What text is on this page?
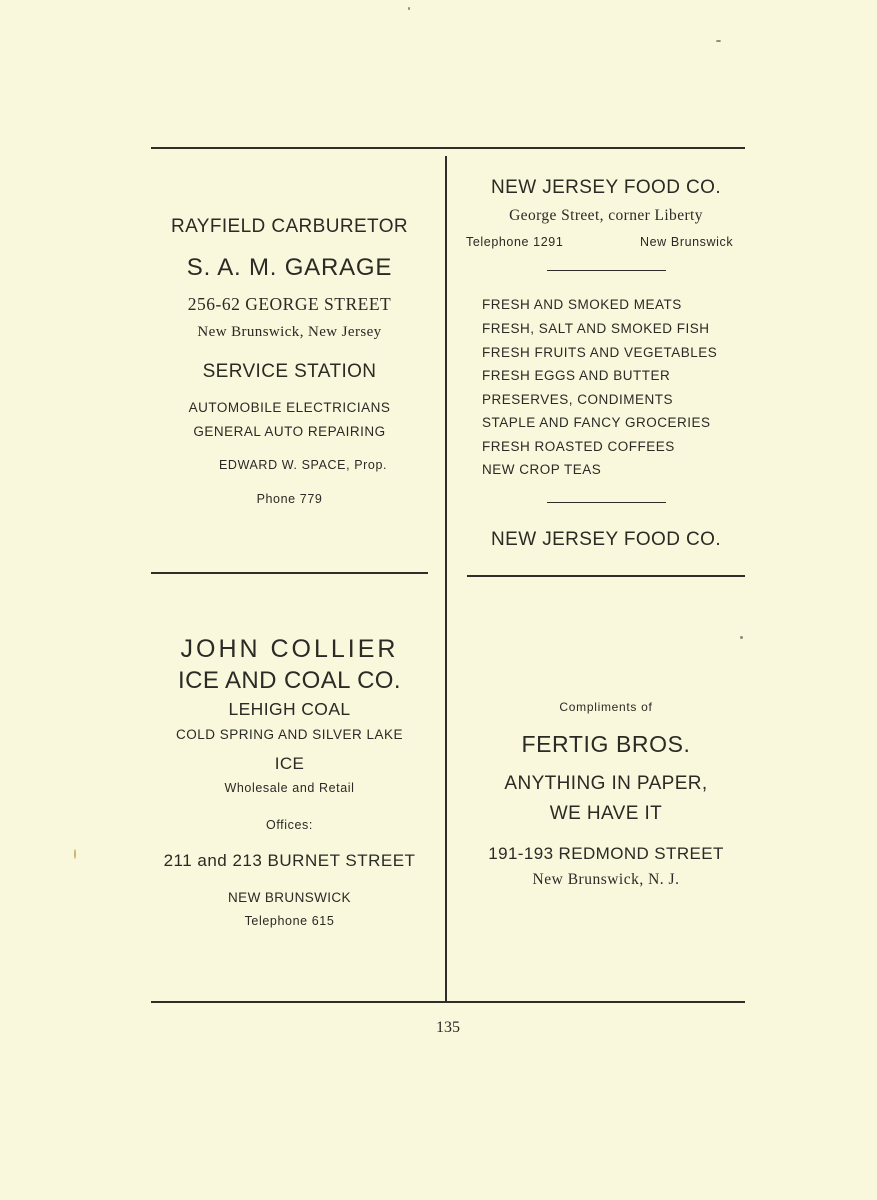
RAYFIELD CARBURETOR
S. A. M. GARAGE
256-62 GEORGE STREET
New Brunswick, New Jersey
SERVICE STATION
AUTOMOBILE ELECTRICIANS
GENERAL AUTO REPAIRING
EDWARD W. SPACE, Prop.
Phone 779
NEW JERSEY FOOD CO.
George Street, corner Liberty
Telephone 1291	New Brunswick
FRESH AND SMOKED MEATS
FRESH, SALT AND SMOKED FISH
FRESH FRUITS AND VEGETABLES
FRESH EGGS AND BUTTER
PRESERVES, CONDIMENTS
STAPLE AND FANCY GROCERIES
FRESH ROASTED COFFEES
NEW CROP TEAS
NEW JERSEY FOOD CO.
JOHN COLLIER
ICE AND COAL CO.
LEHIGH COAL
COLD SPRING AND SILVER LAKE
ICE
Wholesale and Retail
Offices:
211 and 213 BURNET STREET
NEW BRUNSWICK
Telephone 615
Compliments of
FERTIG BROS.
ANYTHING IN PAPER,
WE HAVE IT
191-193 REDMOND STREET
New Brunswick, N. J.
135
